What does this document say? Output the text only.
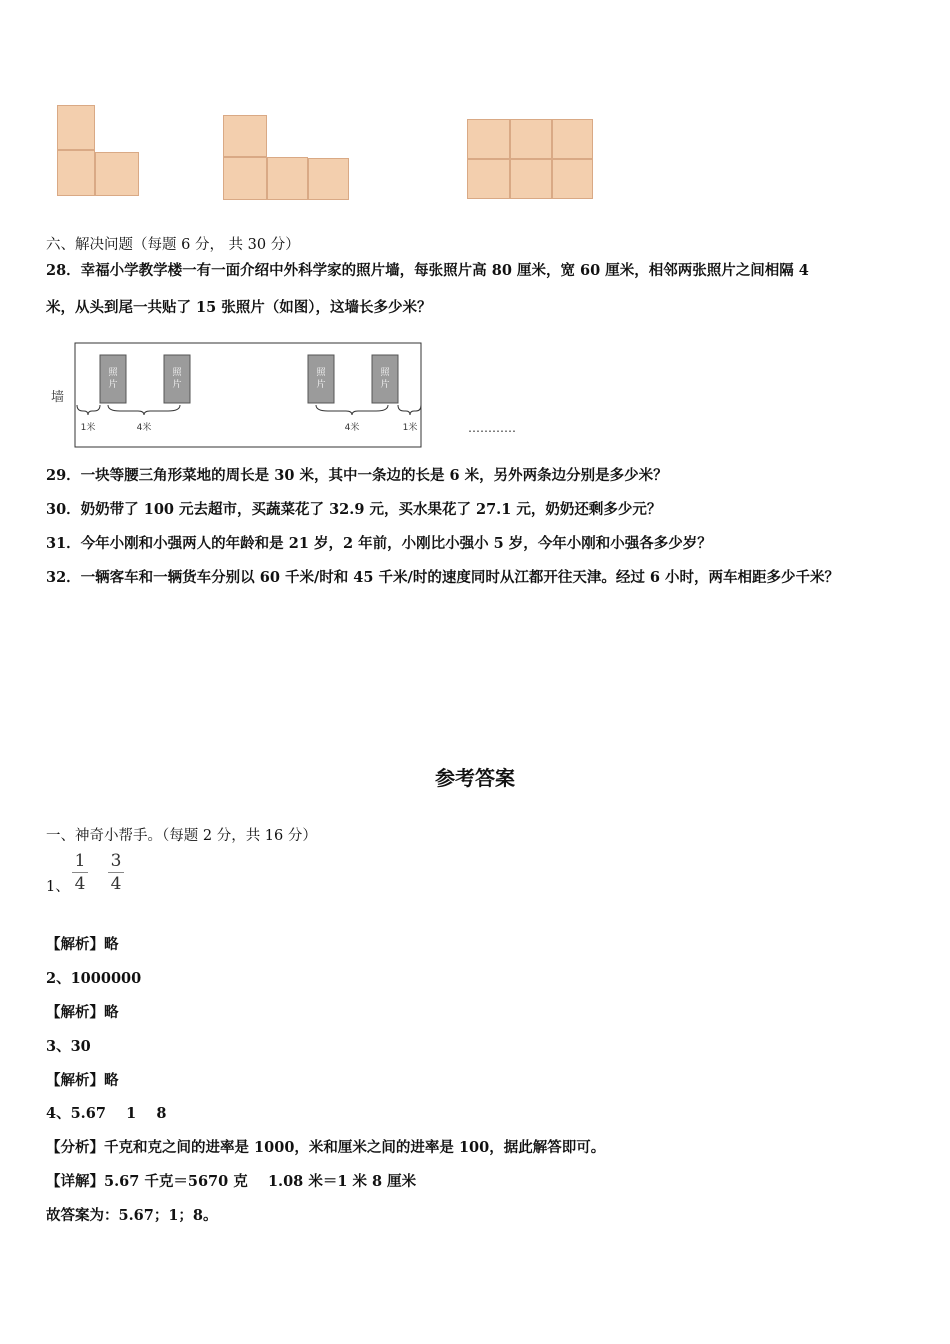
六、解决问题（每题 6 分， 共 30 分）
28．幸福小学教学楼一有一面介绍中外科学家的照片墙，每张照片高 80 厘米，宽 60 厘米，相邻两张照片之间相隔 4
米，从头到尾一共贴了 15 张照片（如图），这墙长多少米？
墙
照
片
照
片
照
片
照
片
1米	4米	4米	1米	…………
29．一块等腰三角形菜地的周长是 30 米，其中一条边的长是 6 米，另外两条边分别是多少米？
30．奶奶带了 100 元去超市，买蔬菜花了 32.9 元，买水果花了 27.1 元，奶奶还剩多少元？
31．今年小刚和小强两人的年龄和是 21 岁，2 年前，小刚比小强小 5 岁，今年小刚和小强各多少岁？
32．一辆客车和一辆货车分别以 60 千米/时和 45 千米/时的速度同时从江都开往天津。经过 6 小时，两车相距多少千米？
参考答案
一、神奇小帮手。（每题 2 分，共 16 分）
1、
1
4
3
4
【解析】略
2、1000000
【解析】略
3、30
【解析】略
4、5.67    1    8
【分析】千克和克之间的进率是 1000，米和厘米之间的进率是 100，据此解答即可。
【详解】5.67 千克＝5670 克    1.08 米＝1 米 8 厘米
故答案为：5.67；1；8。
